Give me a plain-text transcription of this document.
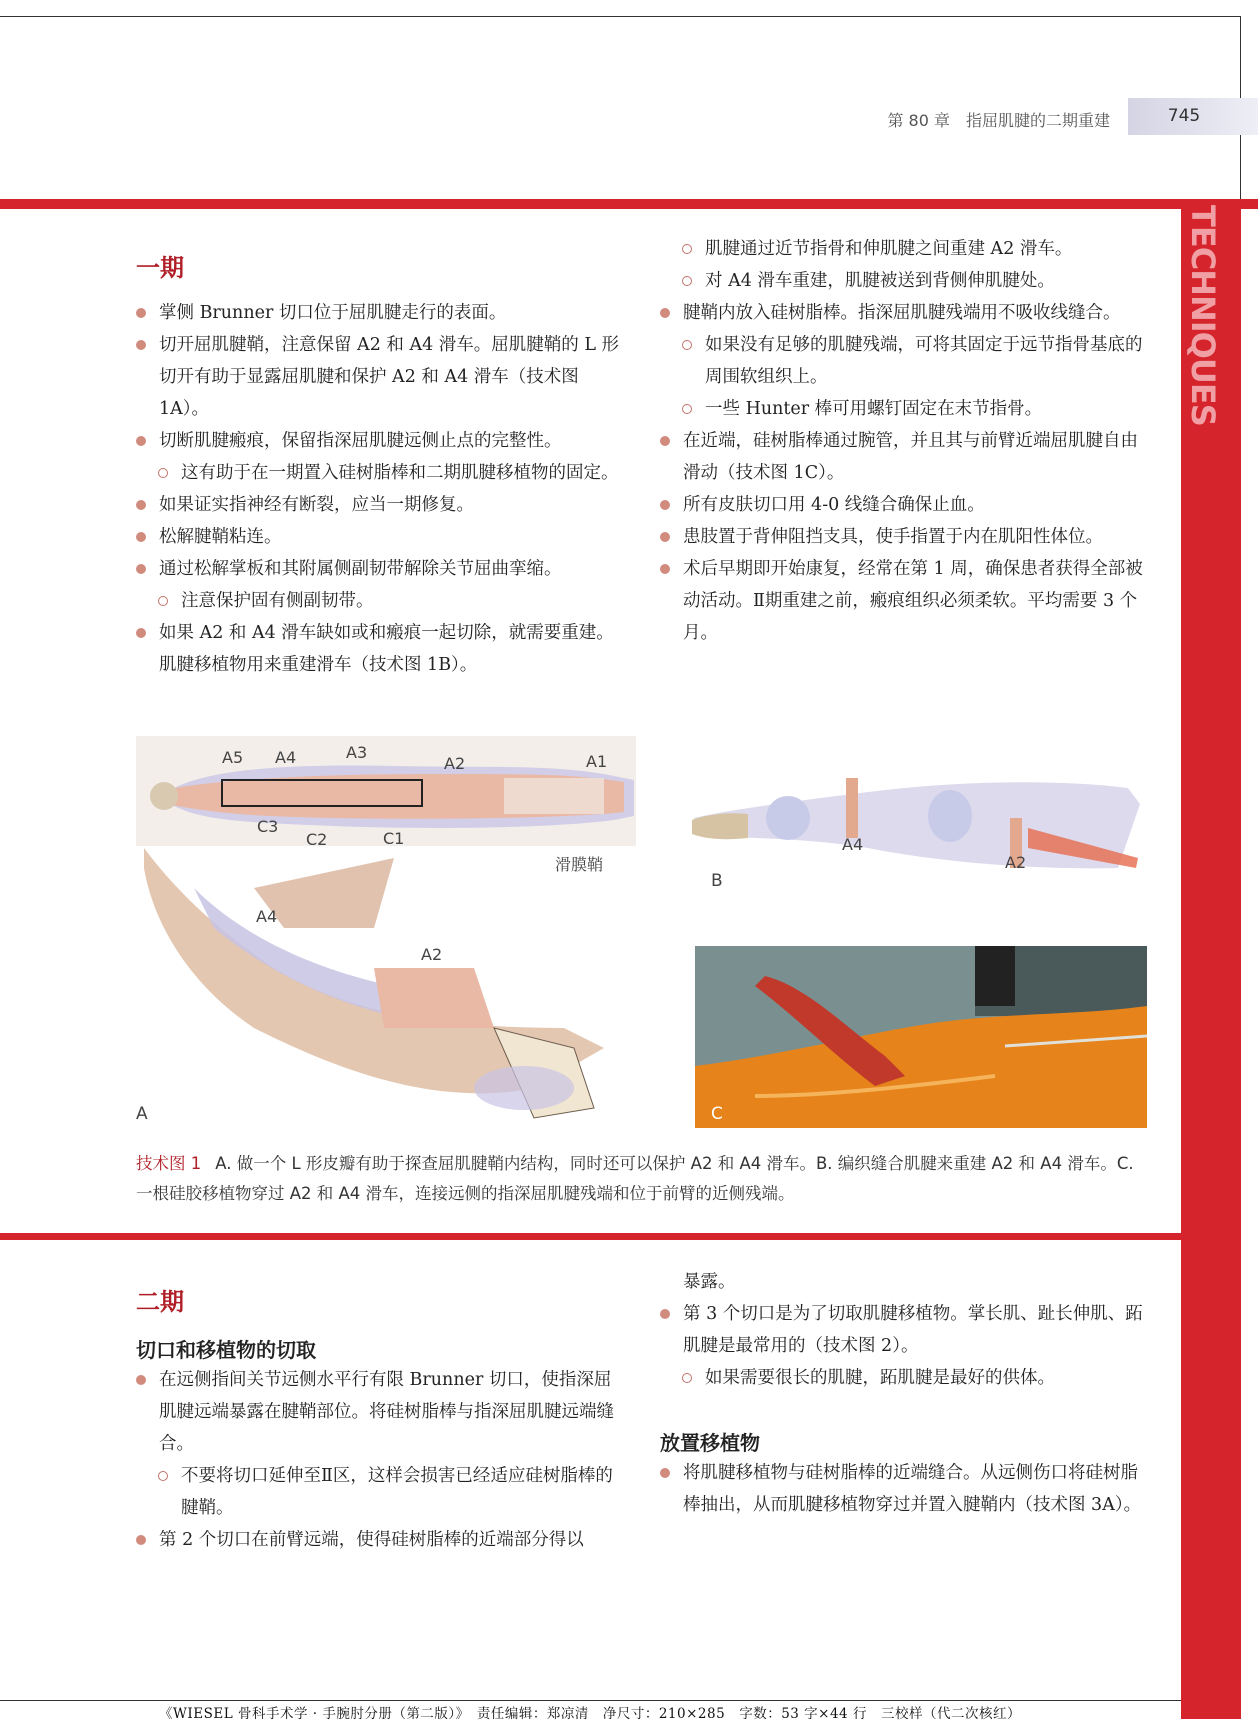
第 80 章　指屈肌腱的二期重建	745
TECHNIQUES
一期

掌侧 Brunner 切口位于屈肌腱走行的表面。

切开屈肌腱鞘，注意保留 A2 和 A4 滑车。屈肌腱鞘的 L 形切开有助于显露屈肌腱和保护 A2 和 A4 滑车（技术图 1A）。

切断肌腱瘢痕，保留指深屈肌腱远侧止点的完整性。

这有助于在一期置入硅树脂棒和二期肌腱移植物的固定。

如果证实指神经有断裂，应当一期修复。

松解腱鞘粘连。

通过松解掌板和其附属侧副韧带解除关节屈曲挛缩。

注意保护固有侧副韧带。

如果 A2 和 A4 滑车缺如或和瘢痕一起切除，就需要重建。肌腱移植物用来重建滑车（技术图 1B）。

肌腱通过近节指骨和伸肌腱之间重建 A2 滑车。

对 A4 滑车重建，肌腱被送到背侧伸肌腱处。

腱鞘内放入硅树脂棒。指深屈肌腱残端用不吸收线缝合。

如果没有足够的肌腱残端，可将其固定于远节指骨基底的周围软组织上。

一些 Hunter 棒可用螺钉固定在末节指骨。

在近端，硅树脂棒通过腕管，并且其与前臂近端屈肌腱自由滑动（技术图 1C）。

所有皮肤切口用 4-0 线缝合确保止血。

患肢置于背伸阻挡支具，使手指置于内在肌阳性体位。

术后早期即开始康复，经常在第 1 周，确保患者获得全部被动活动。Ⅱ期重建之前，瘢痕组织必须柔软。平均需要 3 个月。

A5 A4	A3
A2	A1
C3
C2	C1
滑膜鞘
A4
A2
A
A4
A2
B
C
技术图 1 A. 做一个 L 形皮瓣有助于探查屈肌腱鞘内结构，同时还可以保护 A2 和 A4 滑车。B. 编织缝合肌腱来重建 A2 和 A4 滑车。C. 一根硅胶移植物穿过 A2 和 A4 滑车，连接远侧的指深屈肌腱残端和位于前臂的近侧残端。
二期
切口和移植物的切取

在远侧指间关节远侧水平行有限 Brunner 切口，使指深屈肌腱远端暴露在腱鞘部位。将硅树脂棒与指深屈肌腱远端缝合。

不要将切口延伸至Ⅱ区，这样会损害已经适应硅树脂棒的腱鞘。

第 2 个切口在前臂远端，使得硅树脂棒的近端部分得以

暴露。

第 3 个切口是为了切取肌腱移植物。掌长肌、趾长伸肌、跖肌腱是最常用的（技术图 2）。

如果需要很长的肌腱，跖肌腱是最好的供体。

放置移植物

将肌腱移植物与硅树脂棒的近端缝合。从远侧伤口将硅树脂棒抽出，从而肌腱移植物穿过并置入腱鞘内（技术图 3A）。

《WIESEL 骨科手术学 · 手腕肘分册（第二版）》　责任编辑：郑凉清　净尺寸：210×285　字数：53 字×44 行　三校样（代二次核红）
